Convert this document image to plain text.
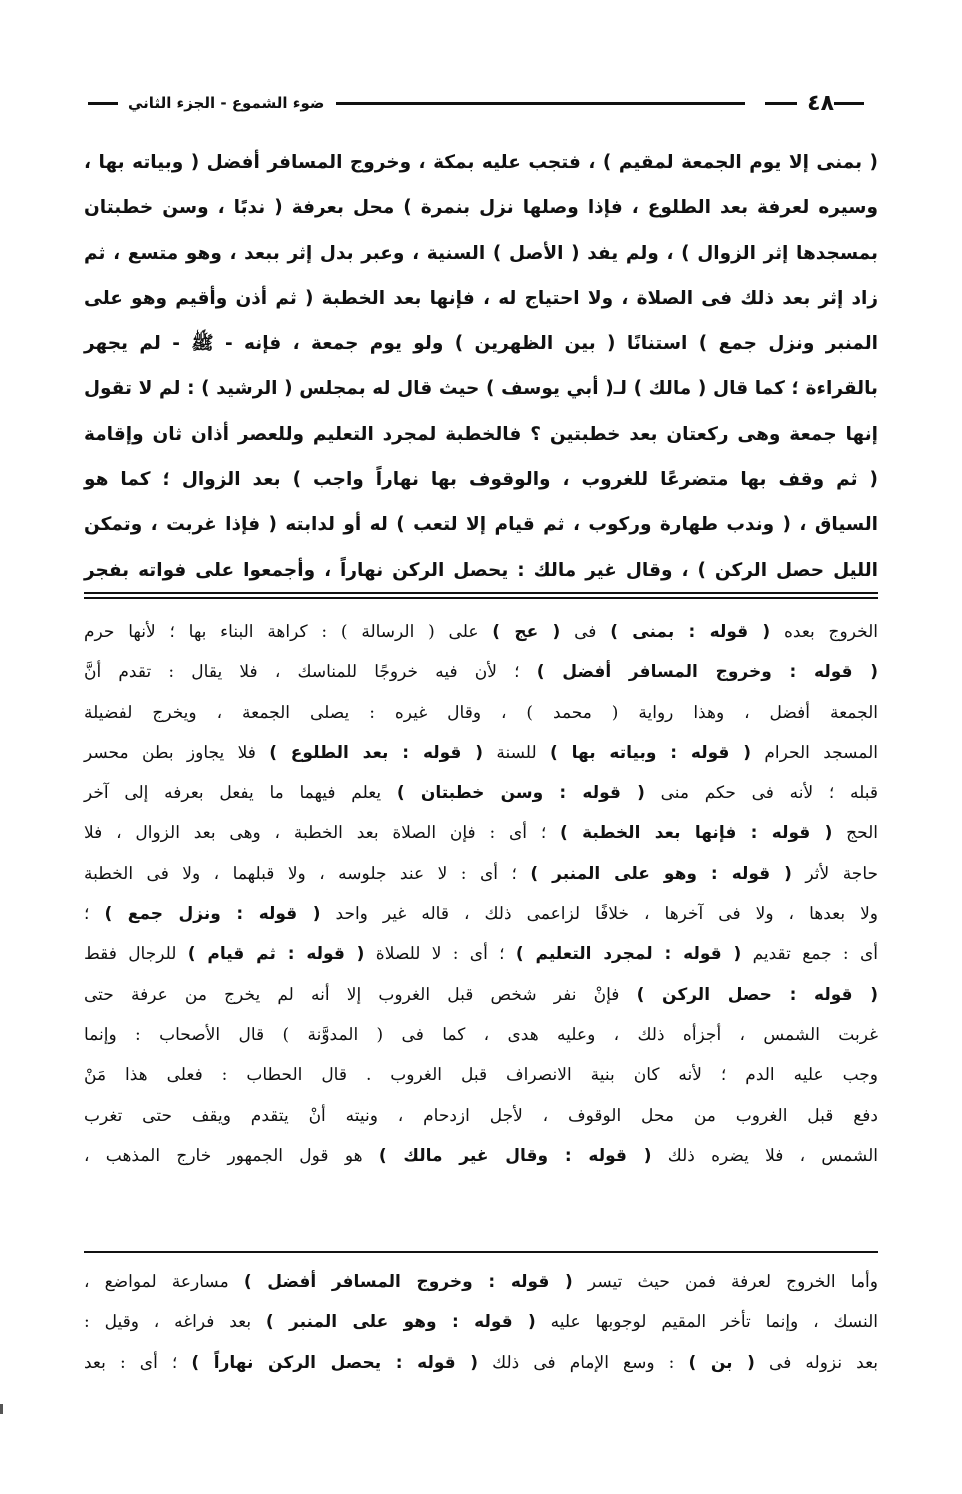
٤٨
ضوء الشموع - الجزء الثاني

( بمنى إلا يوم الجمعة لمقيم ) ، فتجب عليه بمكة ، وخروج المسافر أفضل ( وبياته بها ،

وسيره لعرفة بعد الطلوع ، فإذا وصلها نزل بنمرة ) محل بعرفة ( ندبًا ، وسن خطبتان

بمسجدها إثر الزوال ) ، ولم يفد ( الأصل ) السنية ، وعبر بدل إثر ببعد ، وهو متسع ، ثم

زاد إثر بعد ذلك فى الصلاة ، ولا احتياج له ، فإنها بعد الخطبة ( ثم أذن وأقيم وهو على

المنبر ونزل جمع ) استنانًا ( بين الظهرين ) ولو يوم جمعة ، فإنه - ﷺ - لم يجهر

بالقراءة ؛ كما قال ( مالك ) لـ( أبي يوسف ) حيث قال له بمجلس ( الرشيد ) : لم لا تقول

إنها جمعة وهى ركعتان بعد خطبتين ؟ فالخطبة لمجرد التعليم وللعصر أذان ثان وإقامة

( ثم وقف بها متضرعًا للغروب ، والوقوف بها نهاراً واجب ) بعد الزوال ؛ كما هو

السياق ، ( وندب طهارة وركوب ، ثم قيام إلا لتعب ) له أو لدابته ( فإذا غربت ، وتمكن

الليل حصل الركن ) ، وقال غير مالك : يحصل الركن نهاراً ، وأجمعوا على فواته بفجر

الخروج بعده ( قوله : بمنى ) فى ( عج ) على ( الرسالة ) : كراهة البناء بها ؛ لأنها حرم

( قوله : وخروج المسافر أفضل ) ؛ لأن فيه خروجًا للمناسك ، فلا يقال : تقدم أنَّ

الجمعة أفضل ، وهذا رواية ( محمد ) ، وقال غيره : يصلى الجمعة ، ويخرج لفضيلة

المسجد الحرام ( قوله : وبياته بها ) للسنة ( قوله : بعد الطلوع ) فلا يجاوز بطن محسر

قبله ؛ لأنه فى حكم منى ( قوله : وسن خطبتان ) يعلم فيهما ما يفعل بعرفه إلى آخر

الحج ( قوله : فإنها بعد الخطبة ) ؛ أى : فإن الصلاة بعد الخطبة ، وهى بعد الزوال ، فلا

حاجة لأثر ( قوله : وهو على المنبر ) ؛ أى : لا عند جلوسه ، ولا قبلهما ، ولا فى الخطبة

ولا بعدها ، ولا فى آخرها ، خلافًا لزاعمى ذلك ، قاله غير واحد ( قوله : ونزل جمع ) ؛

أى : جمع تقديم ( قوله : لمجرد التعليم ) ؛ أى : لا للصلاة ( قوله : ثم قيام ) للرجال فقط

( قوله : حصل الركن ) فإنْ نفر شخص قبل الغروب إلا أنه لم يخرج من عرفة حتى

غربت الشمس ، أجزأه ذلك ، وعليه هدى ، كما فى ( المدوَّنة ) قال الأصحاب : وإنما

وجب عليه الدم ؛ لأنه كان بنية الانصراف قبل الغروب . قال الحطاب : فعلى هذا مَنْ

دفع قبل الغروب من محل الوقوف ، لأجل ازدحام ، ونيته أنْ يتقدم ويقف حتى تغرب

الشمس ، فلا يضره ذلك ( قوله : وقال غير مالك ) هو قول الجمهور خارج المذهب ،

وأما الخروج لعرفة فمن حيث تيسر ( قوله : وخروج المسافر أفضل ) مسارعة لمواضع ،

النسك ، وإنما تأخر المقيم لوجوبها عليه ( قوله : وهو على المنبر ) بعد فراغه ، وقيل :

بعد نزوله فى ( بن ) : وسع الإمام فى ذلك ( قوله : يحصل الركن نهاراً ) ؛ أى : بعد
